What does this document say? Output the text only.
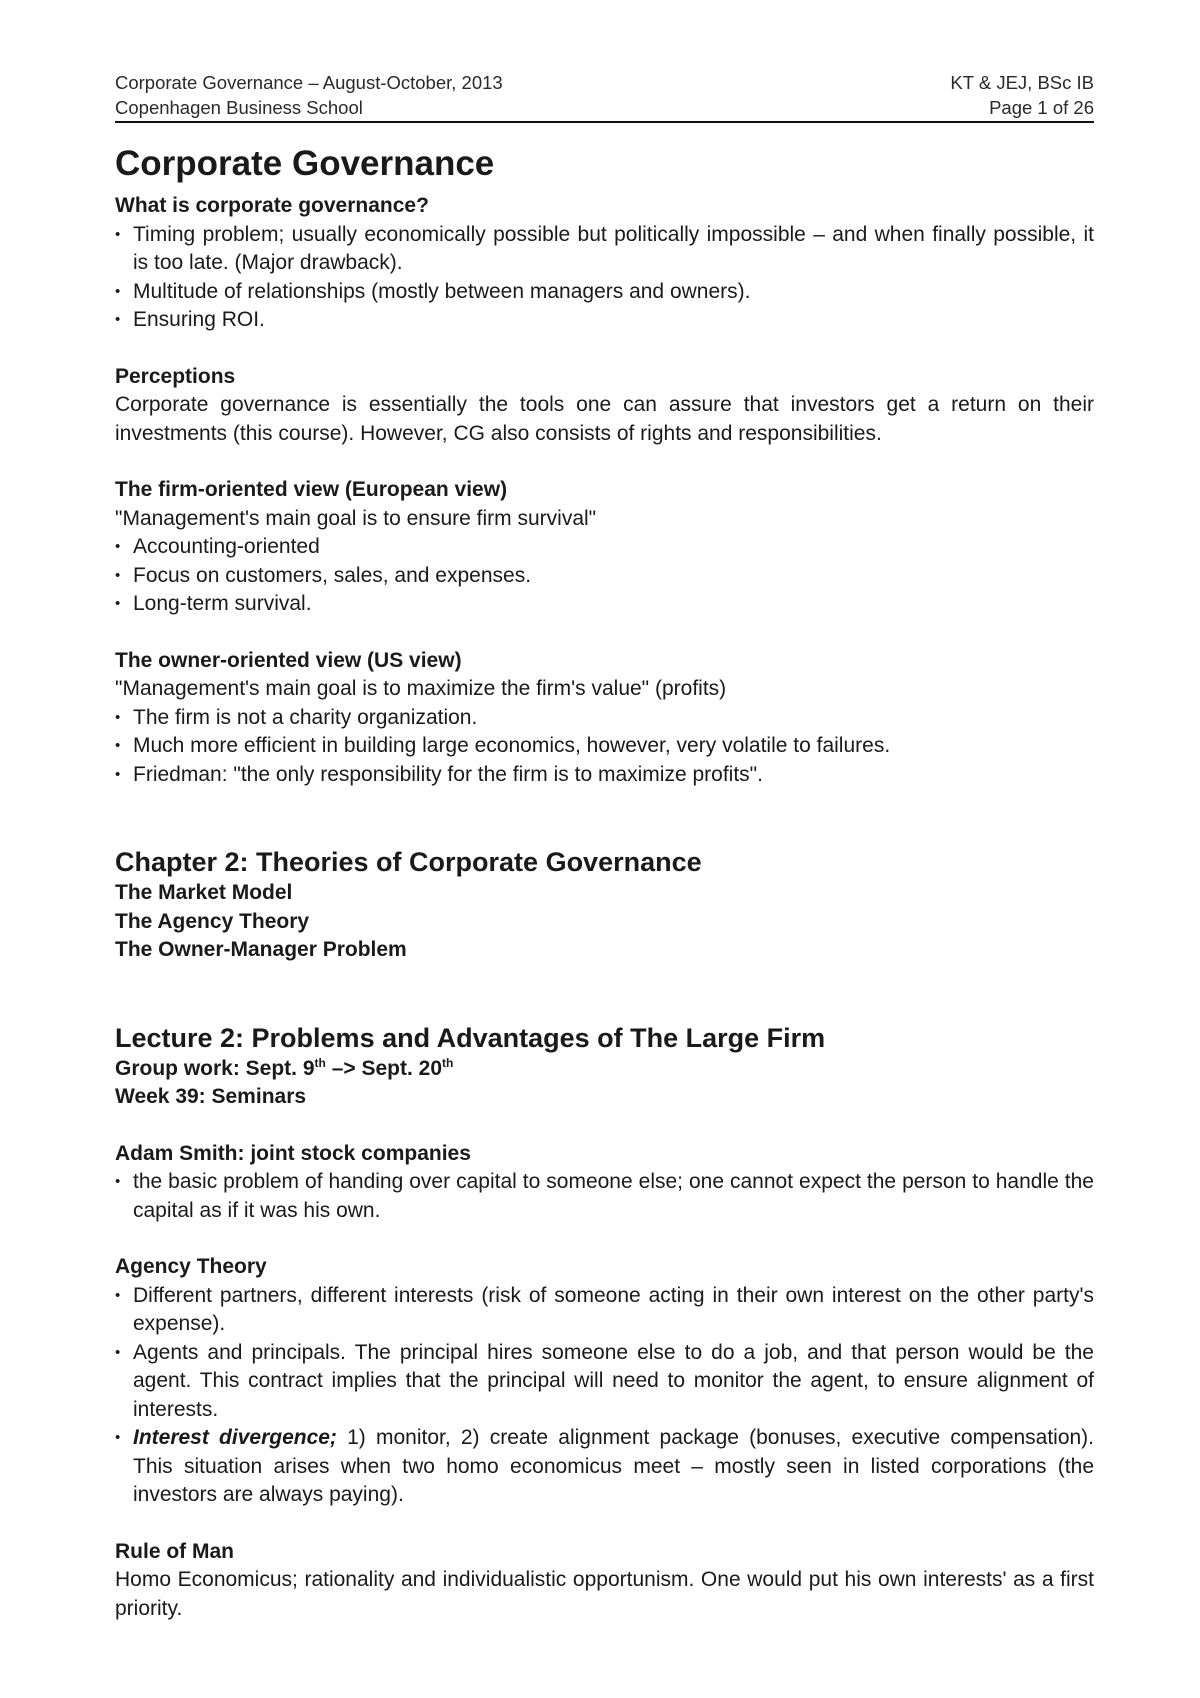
Corporate Governance – August-October, 2013	KT & JEJ, BSc IB
Copenhagen Business School	Page 1 of 26
Corporate Governance
What is corporate governance?
• Timing problem; usually economically possible but politically impossible – and when finally possible, it is too late. (Major drawback).
• Multitude of relationships (mostly between managers and owners).
• Ensuring ROI.
Perceptions
Corporate governance is essentially the tools one can assure that investors get a return on their investments (this course). However, CG also consists of rights and responsibilities.
The firm-oriented view (European view)
"Management's main goal is to ensure firm survival"
• Accounting-oriented
• Focus on customers, sales, and expenses.
• Long-term survival.
The owner-oriented view (US view)
"Management's main goal is to maximize the firm's value" (profits)
• The firm is not a charity organization.
• Much more efficient in building large economics, however, very volatile to failures.
• Friedman: "the only responsibility for the firm is to maximize profits".
Chapter 2: Theories of Corporate Governance
The Market Model
The Agency Theory
The Owner-Manager Problem
Lecture 2: Problems and Advantages of The Large Firm
Group work: Sept. 9th –> Sept. 20th
Week 39: Seminars
Adam Smith: joint stock companies
• the basic problem of handing over capital to someone else; one cannot expect the person to handle the capital as if it was his own.
Agency Theory
• Different partners, different interests (risk of someone acting in their own interest on the other party's expense).
• Agents and principals. The principal hires someone else to do a job, and that person would be the agent. This contract implies that the principal will need to monitor the agent, to ensure alignment of interests.
• Interest divergence; 1) monitor, 2) create alignment package (bonuses, executive compensation). This situation arises when two homo economicus meet – mostly seen in listed corporations (the investors are always paying).
Rule of Man
Homo Economicus; rationality and individualistic opportunism. One would put his own interests' as a first priority.
